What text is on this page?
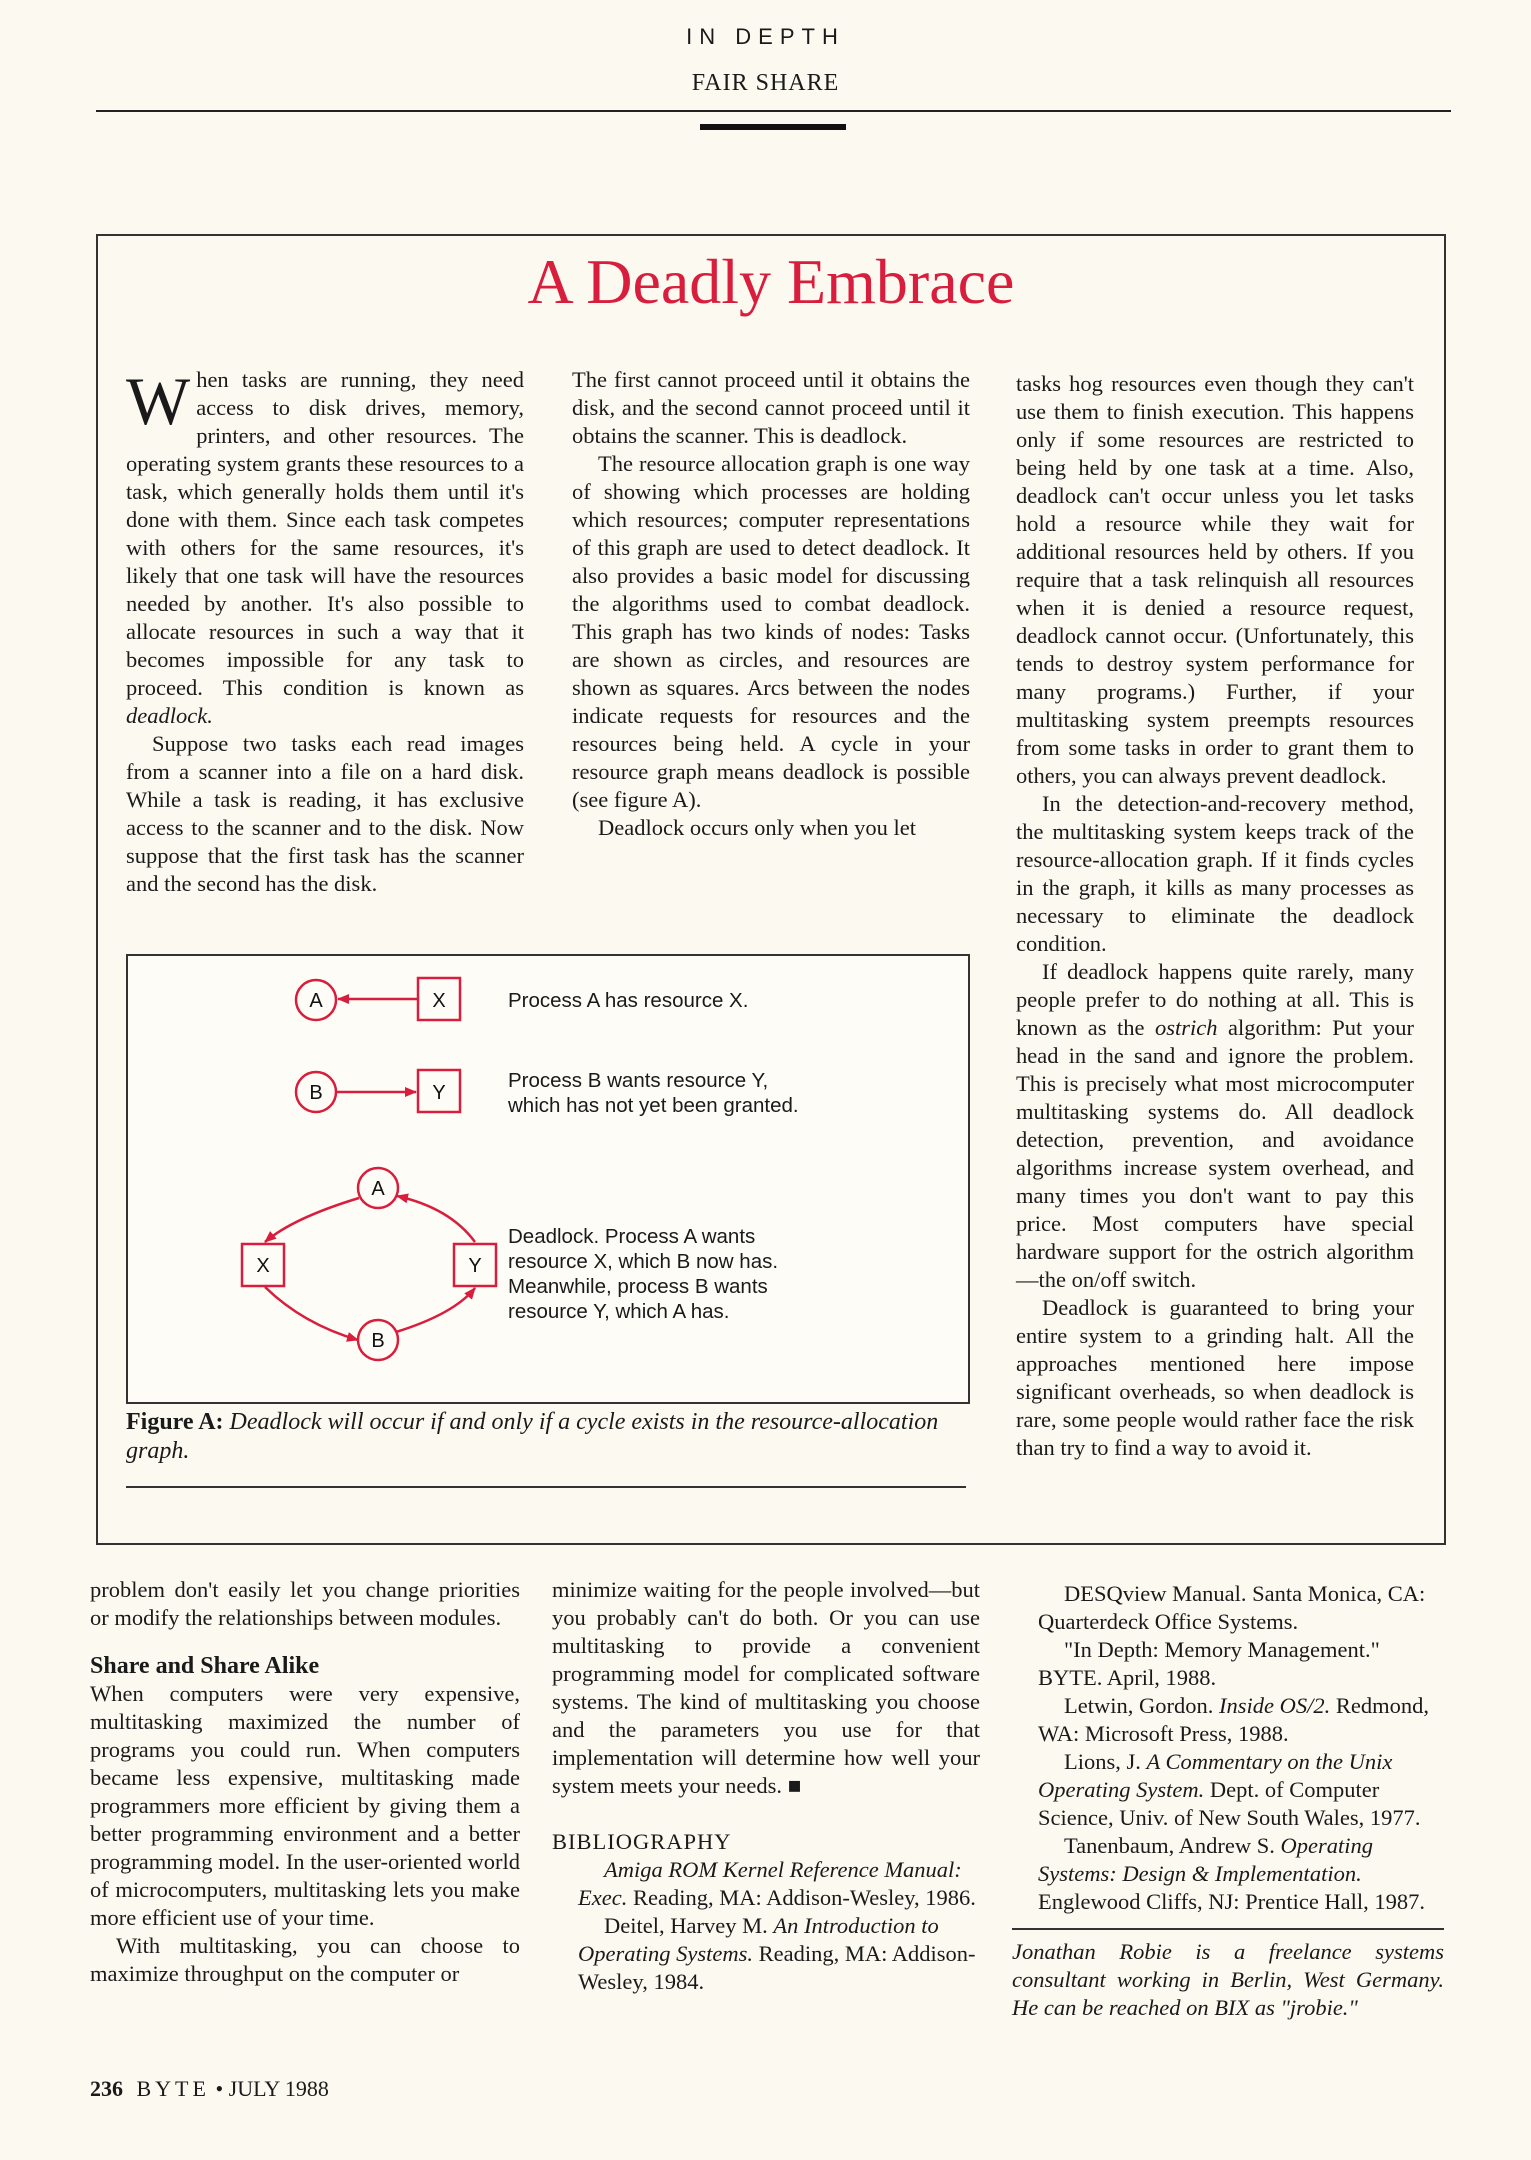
IN DEPTH
FAIR SHARE
A Deadly Embrace

When tasks are running, they need access to disk drives, memory, printers, and other resources. The operating system grants these resources to a task, which generally holds them until it's done with them. Since each task competes with others for the same resources, it's likely that one task will have the resources needed by another. It's also possible to allocate resources in such a way that it becomes impossible for any task to proceed. This condition is known as deadlock.

Suppose two tasks each read images from a scanner into a file on a hard disk. While a task is reading, it has exclusive access to the scanner and to the disk. Now suppose that the first task has the scanner and the second has the disk.

The first cannot proceed until it obtains the disk, and the second cannot proceed until it obtains the scanner. This is deadlock.

The resource allocation graph is one way of showing which processes are holding which resources; computer representations of this graph are used to detect deadlock. It also provides a basic model for discussing the algorithms used to combat deadlock. This graph has two kinds of nodes: Tasks are shown as circles, and resources are shown as squares. Arcs between the nodes indicate requests for resources and the resources being held. A cycle in your resource graph means deadlock is possible (see figure A).

Deadlock occurs only when you let

tasks hog resources even though they can't use them to finish execution. This happens only if some resources are restricted to being held by one task at a time. Also, deadlock can't occur unless you let tasks hold a resource while they wait for additional resources held by others. If you require that a task relinquish all resources when it is denied a resource request, deadlock cannot occur. (Unfortunately, this tends to destroy system performance for many programs.) Further, if your multitasking system preempts resources from some tasks in order to grant them to others, you can always prevent deadlock.

In the detection-and-recovery method, the multitasking system keeps track of the resource-allocation graph. If it finds cycles in the graph, it kills as many processes as necessary to eliminate the deadlock condition.

If deadlock happens quite rarely, many people prefer to do nothing at all. This is known as the ostrich algorithm: Put your head in the sand and ignore the problem. This is precisely what most microcomputer multitasking systems do. All deadlock detection, prevention, and avoidance algorithms increase system overhead, and many times you don't want to pay this price. Most computers have special hardware support for the ostrich algorithm—the on/off switch.

Deadlock is guaranteed to bring your entire system to a grinding halt. All the approaches mentioned here impose significant overheads, so when deadlock is rare, some people would rather face the risk than try to find a way to avoid it.

A	X
B	Y
A
X	Y
B
Process A has resource X.
Process B wants resource Y,
which has not yet been granted.
Deadlock. Process A wants
resource X, which B now has.
Meanwhile, process B wants
resource Y, which A has.
Figure A: Deadlock will occur if and only if a cycle exists in the resource-allocation graph.

problem don't easily let you change priorities or modify the relationships between modules.

Share and Share Alike

When computers were very expensive, multitasking maximized the number of programs you could run. When computers became less expensive, multitasking made programmers more efficient by giving them a better programming environment and a better programming model. In the user-oriented world of microcomputers, multitasking lets you make more efficient use of your time.

With multitasking, you can choose to maximize throughput on the computer or

minimize waiting for the people involved—but you probably can't do both. Or you can use multitasking to provide a convenient programming model for complicated software systems. The kind of multitasking you choose and the parameters you use for that implementation will determine how well your system meets your needs. ■

BIBLIOGRAPHY

Amiga ROM Kernel Reference Manual: Exec. Reading, MA: Addison-Wesley, 1986.

Deitel, Harvey M. An Introduction to Operating Systems. Reading, MA: Addison-Wesley, 1984.

DESQview Manual. Santa Monica, CA: Quarterdeck Office Systems.

"In Depth: Memory Management." BYTE. April, 1988.

Letwin, Gordon. Inside OS/2. Redmond, WA: Microsoft Press, 1988.

Lions, J. A Commentary on the Unix Operating System. Dept. of Computer Science, Univ. of New South Wales, 1977.

Tanenbaum, Andrew S. Operating Systems: Design & Implementation. Englewood Cliffs, NJ: Prentice Hall, 1987.

Jonathan Robie is a freelance systems consultant working in Berlin, West Germany. He can be reached on BIX as "jrobie."

236 BYTE • JULY 1988
